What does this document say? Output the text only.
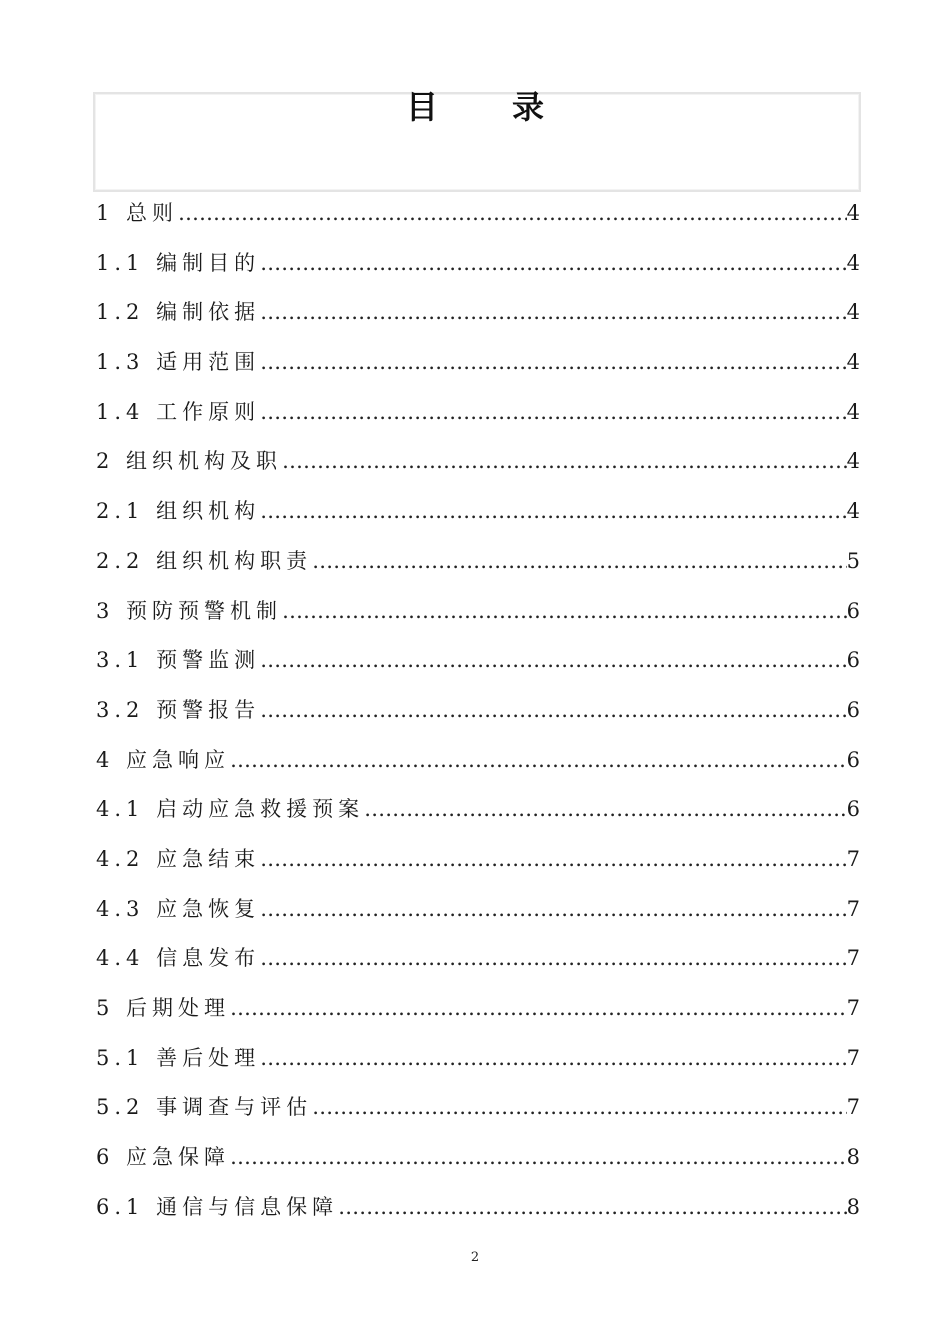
目录
1 总则 …………………………………………………………………………………………………………………………………………………	4
1.1 编制目的 …………………………………………………………………………………………………………………………………………………	4
1.2 编制依据 …………………………………………………………………………………………………………………………………………………	4
1.3 适用范围 …………………………………………………………………………………………………………………………………………………	4
1.4 工作原则 …………………………………………………………………………………………………………………………………………………	4
2 组织机构及职 …………………………………………………………………………………………………………………………………………………	4
2.1 组织机构 …………………………………………………………………………………………………………………………………………………	4
2.2 组织机构职责 …………………………………………………………………………………………………………………………………………………	5
3 预防预警机制 …………………………………………………………………………………………………………………………………………………	6
3.1 预警监测 …………………………………………………………………………………………………………………………………………………	6
3.2 预警报告 …………………………………………………………………………………………………………………………………………………	6
4 应急响应 …………………………………………………………………………………………………………………………………………………	6
4.1 启动应急救援预案 …………………………………………………………………………………………………………………………………………………	..6
4.2 应急结束 …………………………………………………………………………………………………………………………………………………	7
4.3 应急恢复 …………………………………………………………………………………………………………………………………………………	7
4.4 信息发布 …………………………………………………………………………………………………………………………………………………	7
5 后期处理 …………………………………………………………………………………………………………………………………………………	7
5.1 善后处理 …………………………………………………………………………………………………………………………………………………	7
5.2 事调查与评估 …………………………………………………………………………………………………………………………………………………	7
6 应急保障 …………………………………………………………………………………………………………………………………………………	8
6.1 通信与信息保障 …………………………………………………………………………………………………………………………………………………	8
2
